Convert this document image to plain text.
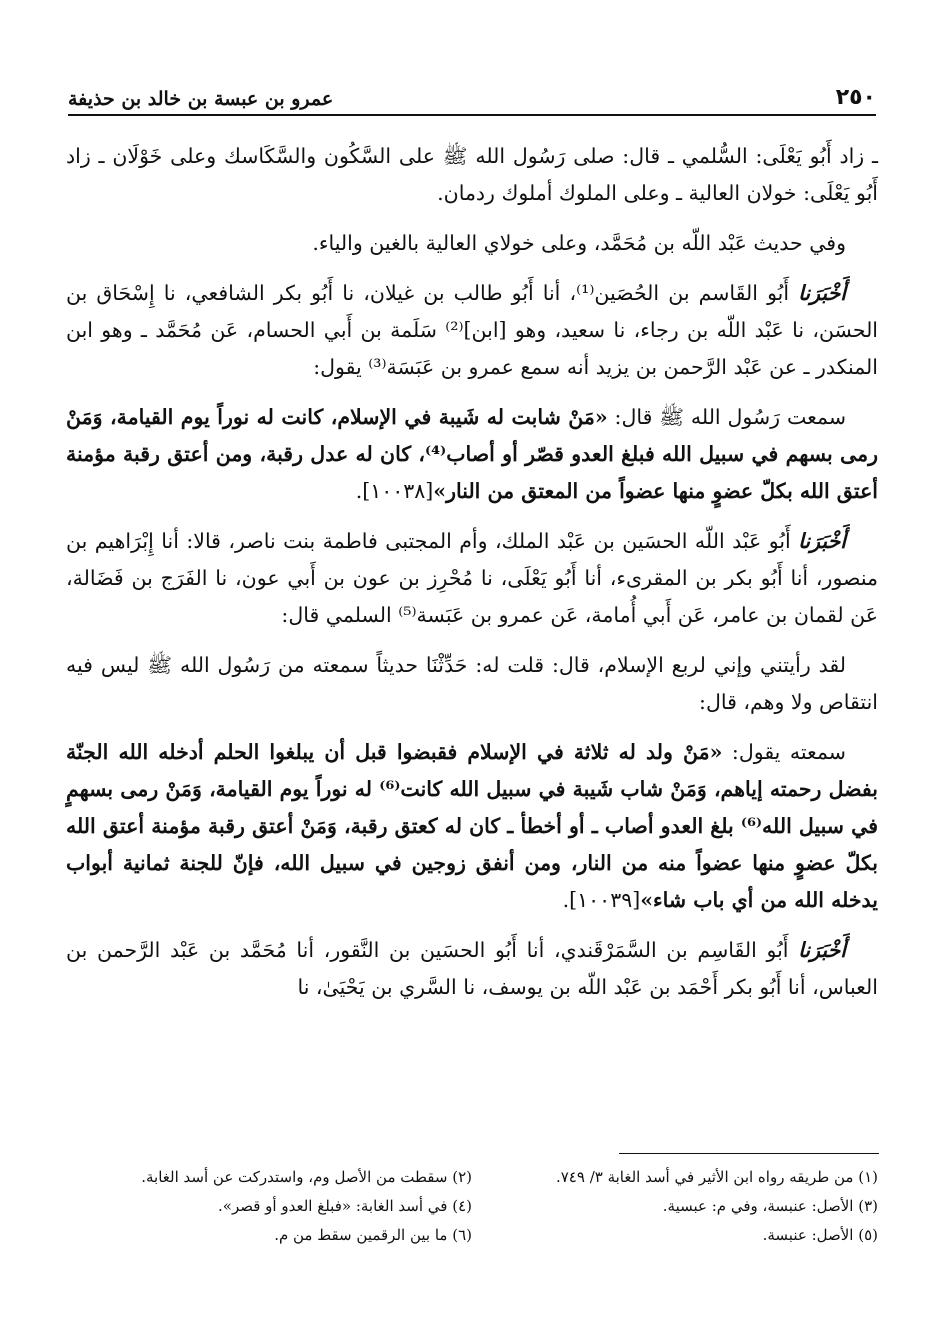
٢٥٠
عمرو بن عبسة بن خالد بن حذيفة

ـ زاد أَبُو يَعْلَى: السُّلمي ـ قال: صلى رَسُول الله ﷺ على السَّكُون والسَّكَاسك وعلى خَوْلَان ـ زاد أَبُو يَعْلَى: خولان العالية ـ وعلى الملوك أملوك ردمان.

وفي حديث عَبْد اللّه بن مُحَمَّد، وعلى خولاي العالية بالغين والياء.

أَخْبَرَنا أَبُو القَاسم بن الحُصَين⁽¹⁾، أنا أَبُو طالب بن غيلان، نا أَبُو بكر الشافعي، نا إِسْحَاق بن الحسَن، نا عَبْد اللّه بن رجاء، نا سعيد، وهو [ابن]⁽²⁾ سَلَمة بن أَبي الحسام، عَن مُحَمَّد ـ وهو ابن المنكدر ـ عن عَبْد الرَّحمن بن يزيد أنه سمع عمرو بن عَبَسَة⁽³⁾ يقول:

سمعت رَسُول الله ﷺ قال: «مَنْ شابت له شَيبة في الإسلام، كانت له نوراً يوم القيامة، وَمَنْ رمى بسهم في سبيل الله فبلغ العدو قصّر أو أصاب⁽⁴⁾، كان له عدل رقبة، ومن أعتق رقبة مؤمنة أعتق الله بكلّ عضوٍ منها عضواً من المعتق من النار»[١٠٠٣٨].

أَخْبَرَنا أَبُو عَبْد اللّه الحسَين بن عَبْد الملك، وأم المجتبى فاطمة بنت ناصر، قالا: أنا إِبْرَاهيم بن منصور، أنا أَبُو بكر بن المقرىء، أنا أَبُو يَعْلَى، نا مُحْرِز بن عون بن أَبي عون، نا الفَرَج بن فَضَالة، عَن لقمان بن عامر، عَن أَبي أُمامة، عَن عمرو بن عَبَسة⁽⁵⁾ السلمي قال:

لقد رأيتني وإني لربع الإسلام، قال: قلت له: حَدِّثْنَا حديثاً سمعته من رَسُول الله ﷺ ليس فيه انتقاص ولا وهم، قال:

سمعته يقول: «مَنْ ولد له ثلاثة في الإسلام فقبضوا قبل أن يبلغوا الحلم أدخله الله الجنّة بفضل رحمته إياهم، وَمَنْ شاب شَيبة في سبيل الله كانت⁽⁶⁾ له نوراً يوم القيامة، وَمَنْ رمى بسهمٍ في سبيل الله⁽⁶⁾ بلغ العدو أصاب ـ أو أخطأ ـ كان له كعتق رقبة، وَمَنْ أعتق رقبة مؤمنة أعتق الله بكلّ عضوٍ منها عضواً منه من النار، ومن أنفق زوجين في سبيل الله، فإنّ للجنة ثمانية أبواب يدخله الله من أي باب شاء»[١٠٠٣٩].

أَخْبَرَنا أَبُو القَاسِم بن السَّمَرْقَندي، أنا أَبُو الحسَين بن النَّقور، أنا مُحَمَّد بن عَبْد الرَّحمن بن العباس، أنا أَبُو بكر أَحْمَد بن عَبْد اللّه بن يوسف، نا السَّري بن يَحْيَىٰ، نا

(١) من طريقه رواه ابن الأثير في أسد الغابة ٣/ ٧٤٩.
(٢) سقطت من الأصل وم، واستدركت عن أسد الغابة.
(٣) الأصل: عنبسة، وفي م: عبسية.
(٤) في أسد الغابة: «فبلغ العدو أو قصر».
(٥) الأصل: عنبسة.
(٦) ما بين الرقمين سقط من م.
